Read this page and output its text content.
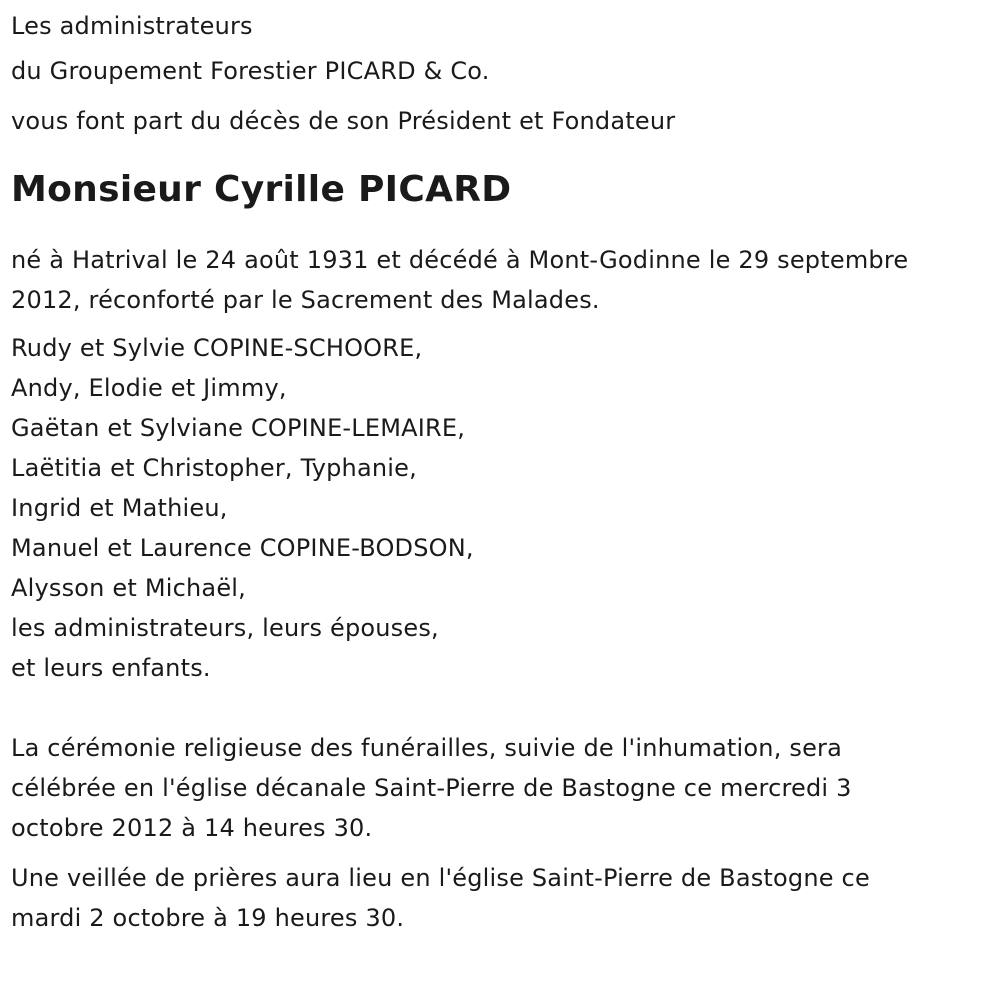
Les administrateurs

du Groupement Forestier PICARD & Co.

vous font part du décès de son Président et Fondateur

Monsieur Cyrille PICARD

né à Hatrival le 24 août 1931 et décédé à Mont-Godinne le 29 septembre

2012, réconforté par le Sacrement des Malades.

Rudy et Sylvie COPINE-SCHOORE,

Andy, Elodie et Jimmy,

Gaëtan et Sylviane COPINE-LEMAIRE,

Laëtitia et Christopher, Typhanie,

Ingrid et Mathieu,

Manuel et Laurence COPINE-BODSON,

Alysson et Michaël,

les administrateurs, leurs épouses,

et leurs enfants.

La cérémonie religieuse des funérailles, suivie de l'inhumation, sera

célébrée en l'église décanale Saint-Pierre de Bastogne ce mercredi 3

octobre 2012 à 14 heures 30.

Une veillée de prières aura lieu en l'église Saint-Pierre de Bastogne ce

mardi 2 octobre à 19 heures 30.
